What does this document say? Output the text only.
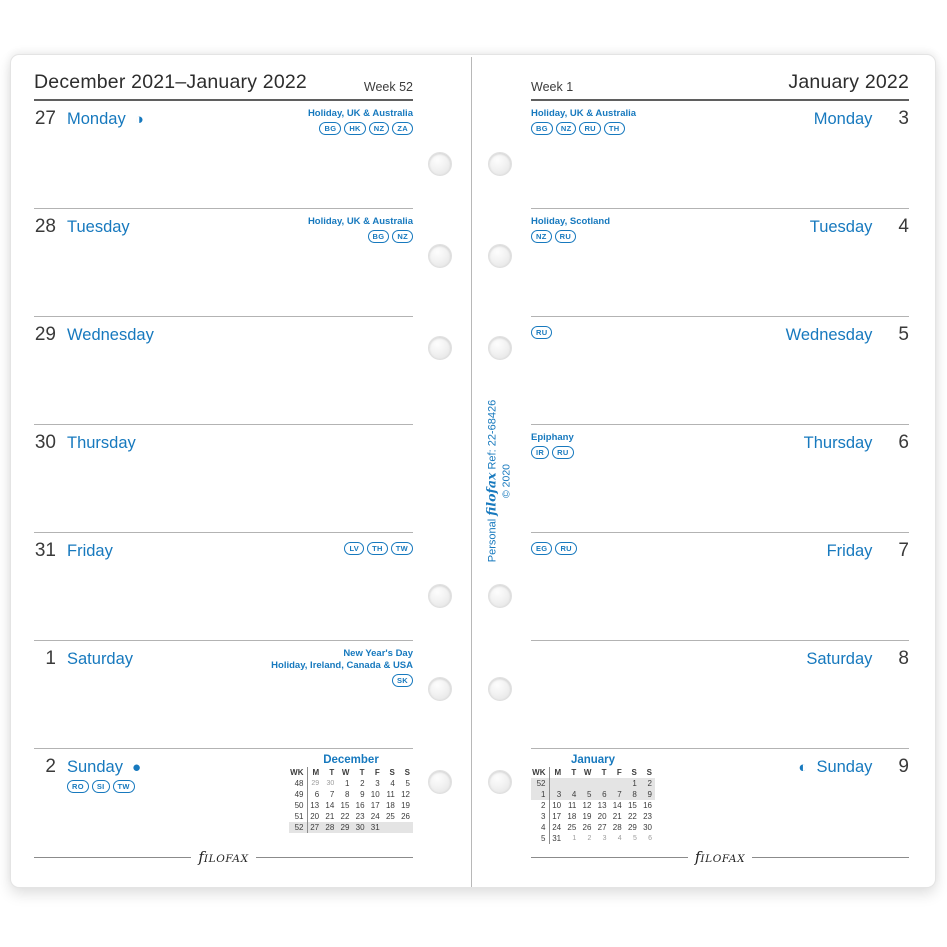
December 2021–January 2022	Week 52
27 Monday ◑	Holiday, UK & Australia
BG	HK	NZ	ZA
28 Tuesday	Holiday, UK & Australia
BG	NZ
29 Wednesday
30 Thursday
31 Friday	LV	TH	TW
1 Saturday	New Year's Day
Holiday, Ireland, Canada & USA
SK
2 Sunday ●
RO	SI	TW
December
WK	M	T	W	T	F	S	S
48	29	30	1	2	3	4	5
49	6	7	8	9	10	11	12
50	13	14	15	16	17	18	19
51	20	21	22	23	24	25	26
52	27	28	29	30	31		
fILOFAX
Personal filofax Ref: 22-68426
© 2020
Week 1	January 2022
Monday 3
Holiday, UK & Australia
BG	NZ	RU	TH
Tuesday 4
Holiday, Scotland
NZ	RU
Wednesday 5
RU
Thursday 6
Epiphany
IR	RU
Friday 7
EG	RU
Saturday 8
◐ Sunday 9
January
WK	M	T	W	T	F	S	S
52						1	2
1	3	4	5	6	7	8	9
2	10	11	12	13	14	15	16
3	17	18	19	20	21	22	23
4	24	25	26	27	28	29	30
5	31	1	2	3	4	5	6
fILOFAX
